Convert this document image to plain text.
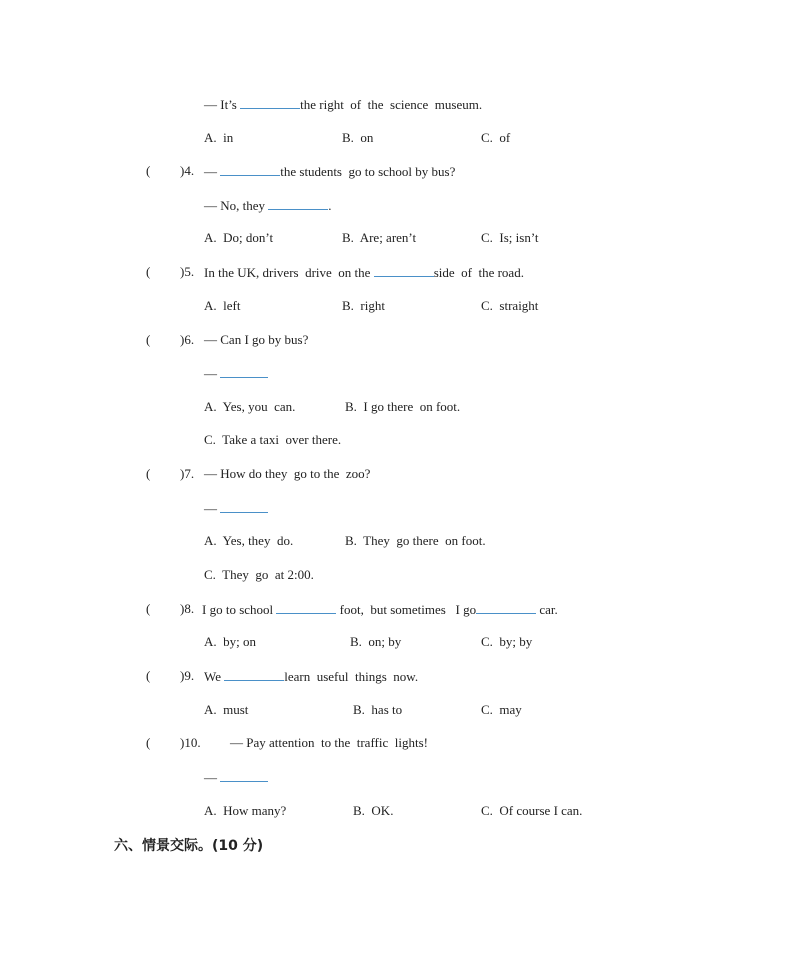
— It’s	the right  of  the  science  museum.
A.  in	B.  on	C.  of
( )4. —	the students  go to school by bus?
— No, they	.
A.  Do; don’t	B.  Are; aren’t	C.  Is; isn’t
( )5. In the UK, drivers  drive  on the	side  of  the road.
A.  left	B.  right	C.  straight
( )6. — Can I go by bus?
—
A.  Yes, you  can.	B.  I go there  on foot.
C.  Take a taxi  over there.
( )7. — How do they  go to the  zoo?
—
A.  Yes, they  do.	B.  They  go there  on foot.
C.  They  go  at 2:00.
( )8. I go to school	foot,  but sometimes   I go	car.
A.  by; on	B.  on; by	C.  by; by
( )9. We	learn  useful  things  now.
A.  must	B.  has to	C.  may
( )10. — Pay attention  to the  traffic  lights!
—
A.  How many?	B.  OK.	C.  Of course I can.
六、情景交际。(10 分)
